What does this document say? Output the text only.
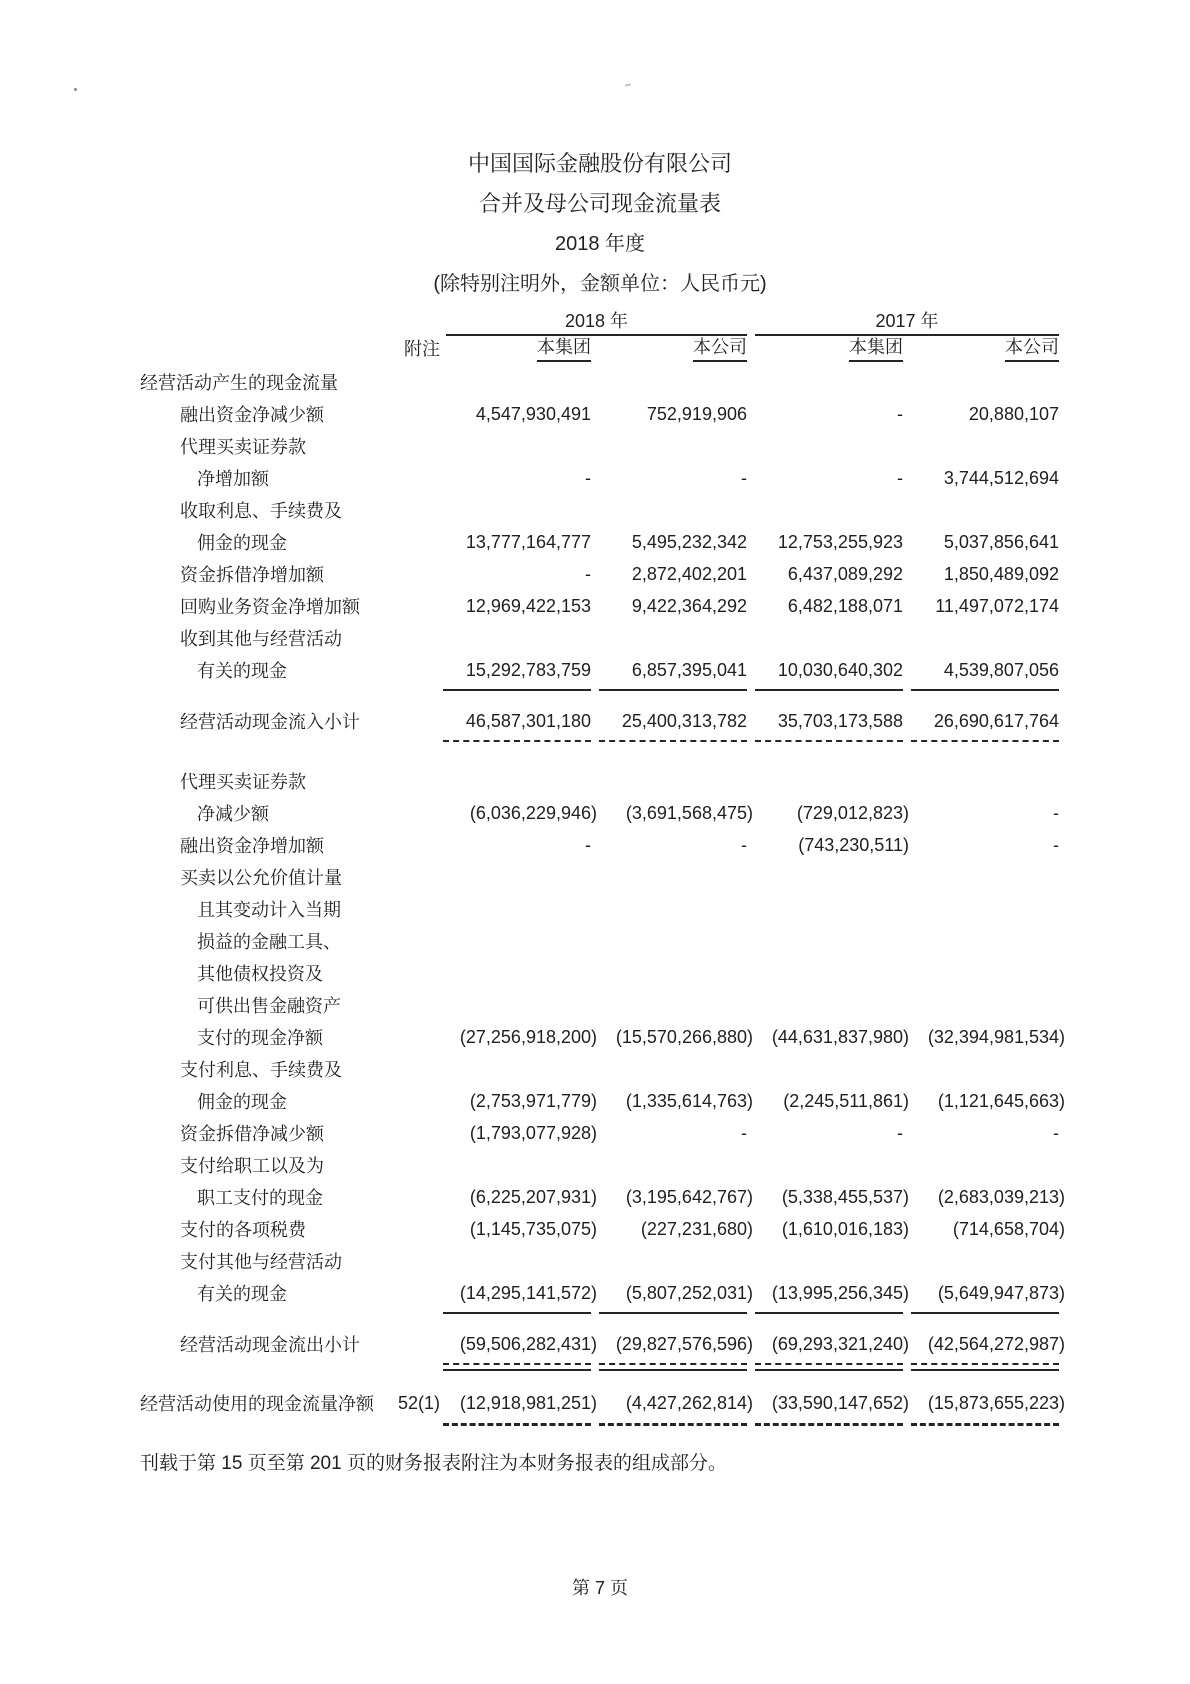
中国国际金融股份有限公司
合并及母公司现金流量表
2018 年度
(除特别注明外，金额单位：人民币元)
2018 年	2017 年
附注	本集团	本公司	本集团	本公司
经营活动产生的现金流量
融出资金净减少额	4,547,930,491	752,919,906	-	20,880,107
代理买卖证券款
净增加额	-	-	- 3,744,512,694
收取利息、手续费及
佣金的现金	13,777,164,777 5,495,232,342 12,753,255,923 5,037,856,641
资金拆借净增加额	- 2,872,402,201 6,437,089,292 1,850,489,092
回购业务资金净增加额	12,969,422,153 9,422,364,292 6,482,188,071 11,497,072,174
收到其他与经营活动
有关的现金	15,292,783,759 6,857,395,041 10,030,640,302 4,539,807,056
经营活动现金流入小计	46,587,301,180 25,400,313,782 35,703,173,588 26,690,617,764
代理买卖证券款
净减少额	(6,036,229,946) (3,691,568,475) (729,012,823)	-
融出资金净增加额	-	-	(743,230,511)	-
买卖以公允价值计量
且其变动计入当期
损益的金融工具、
其他债权投资及
可供出售金融资产
支付的现金净额	(27,256,918,200) (15,570,266,880) (44,631,837,980) (32,394,981,534)
支付利息、手续费及
佣金的现金	(2,753,971,779) (1,335,614,763) (2,245,511,861) (1,121,645,663)
资金拆借净减少额	(1,793,077,928)	-	-	-
支付给职工以及为
职工支付的现金	(6,225,207,931) (3,195,642,767) (5,338,455,537) (2,683,039,213)
支付的各项税费	(1,145,735,075) (227,231,680) (1,610,016,183) (714,658,704)
支付其他与经营活动
有关的现金	(14,295,141,572) (5,807,252,031) (13,995,256,345) (5,649,947,873)
经营活动现金流出小计	(59,506,282,431) (29,827,576,596) (69,293,321,240) (42,564,272,987)
经营活动使用的现金流量净额	52(1) (12,918,981,251) (4,427,262,814) (33,590,147,652) (15,873,655,223)
刊载于第 15 页至第 201 页的财务报表附注为本财务报表的组成部分。
第 7 页
